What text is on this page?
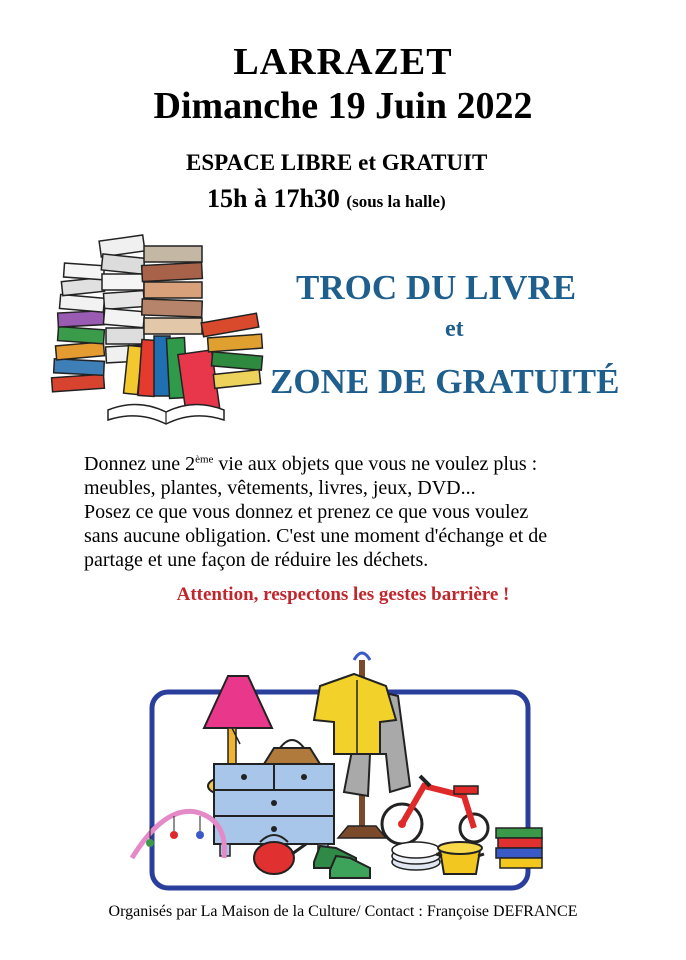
LARRAZET
Dimanche 19 Juin 2022
ESPACE LIBRE et GRATUIT
15h à 17h30 (sous la halle)
TROC DU LIVRE
et
ZONE DE GRATUITÉ
Donnez une 2ème vie aux objets que vous ne voulez plus :
meubles, plantes, vêtements, livres, jeux, DVD...
Posez ce que vous donnez et prenez ce que vous voulez
sans aucune obligation. C'est une moment d'échange et de
partage et une façon de réduire les déchets.
Attention, respectons les gestes barrière !
Organisés par La Maison de la Culture/ Contact : Françoise DEFRANCE
